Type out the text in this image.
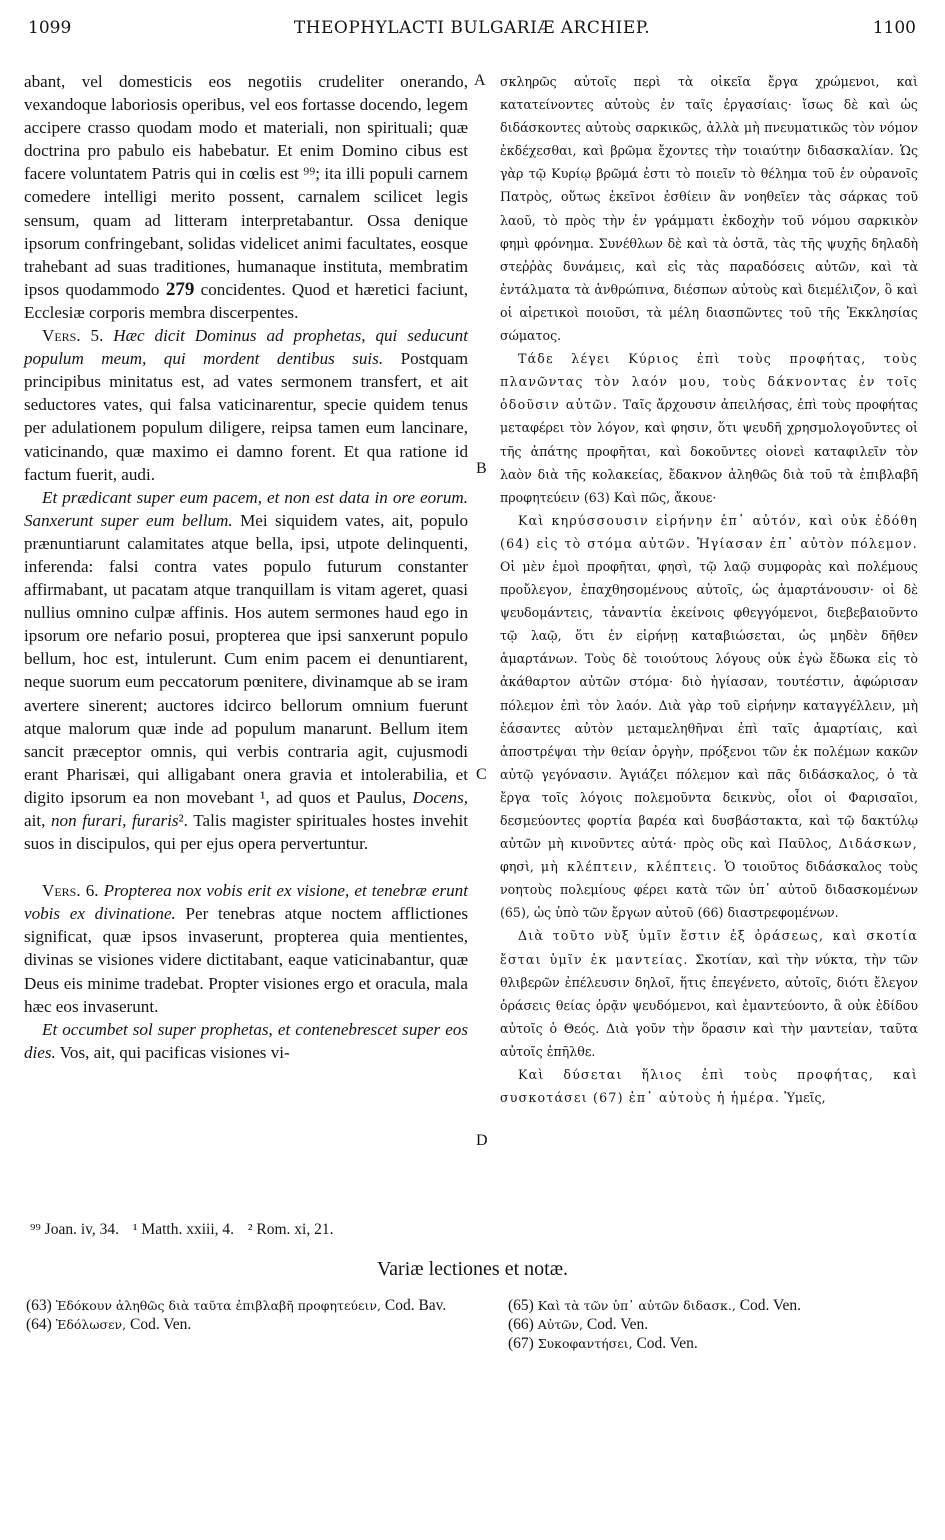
1099	THEOPHYLACTI BULGARIÆ ARCHIEP.	1100

abant, vel domesticis eos negotiis crudeliter onerando, vexandoque laboriosis operibus, vel eos fortasse docendo, legem accipere crasso quodam modo et materiali, non spirituali; quæ doctrina pro pabulo eis habebatur. Et enim Domino cibus est facere voluntatem Patris qui in cœlis est ⁹⁹; ita illi populi carnem comedere intelligi merito possent, carnalem scilicet legis sensum, quam ad litteram interpretabantur. Ossa denique ipsorum confringebant, solidas videlicet animi facultates, eosque trahebant ad suas traditiones, humanaque instituta, membratim ipsos quodammodo 279 concidentes. Quod et hæretici faciunt, Ecclesiæ corporis membra discerpentes.

Vers. 5. Hæc dicit Dominus ad prophetas, qui seducunt populum meum, qui mordent dentibus suis. Postquam principibus minitatus est, ad vates sermonem transfert, et ait seductores vates, qui falsa vaticinarentur, specie quidem tenus per adulationem populum diligere, reipsa tamen eum lancinare, vaticinando, quæ maximo ei damno forent. Et qua ratione id factum fuerit, audi.

Et prædicant super eum pacem, et non est data in ore eorum. Sanxerunt super eum bellum. Mei siquidem vates, ait, populo prænuntiarunt calamitates atque bella, ipsi, utpote delinquenti, inferenda: falsi contra vates populo futurum constanter affirmabant, ut pacatam atque tranquillam is vitam ageret, quasi nullius omnino culpæ affinis. Hos autem sermones haud ego in ipsorum ore nefario posui, propterea que ipsi sanxerunt populo bellum, hoc est, intulerunt. Cum enim pacem ei denuntiarent, neque suorum eum peccatorum pœnitere, divinamque ab se iram avertere sinerent; auctores idcirco bellorum omnium fuerunt atque malorum quæ inde ad populum manarunt. Bellum item sancit præceptor omnis, qui verbis contraria agit, cujusmodi erant Pharisæi, qui alligabant onera gravia et intolerabilia, et digito ipsorum ea non movebant ¹, ad quos et Paulus, Docens, ait, non furari, furaris². Talis magister spirituales hostes invehit suos in discipulos, qui per ejus opera pervertuntur.

Vers. 6. Propterea nox vobis erit ex visione, et tenebræ erunt vobis ex divinatione. Per tenebras atque noctem afflictiones significat, quæ ipsos invaserunt, propterea quia mentientes, divinas se visiones videre dictitabant, eaque vaticinabantur, quæ Deus eis minime tradebat. Propter visiones ergo et oracula, mala hæc eos invaserunt.

Et occumbet sol super prophetas, et contenebrescet super eos dies. Vos, ait, qui pacificas visiones vi-

A
B
C
D

σκληρῶς αὐτοῖς περὶ τὰ οἰκεῖα ἔργα χρώμενοι, καὶ κατατείνοντες αὐτοὺς ἐν ταῖς ἐργασίαις· ἴσως δὲ καὶ ὡς διδάσκοντες αὐτοὺς σαρκικῶς, ἀλλὰ μὴ πνευματικῶς τὸν νόμον ἐκδέχεσθαι, καὶ βρῶμα ἔχοντες τὴν τοιαύτην διδασκαλίαν. Ὡς γὰρ τῷ Κυρίῳ βρῶμά ἐστι τὸ ποιεῖν τὸ θέλημα τοῦ ἐν οὐρανοῖς Πατρὸς, οὕτως ἐκεῖνοι ἐσθίειν ἂν νοηθεῖεν τὰς σάρκας τοῦ λαοῦ, τὸ πρὸς τὴν ἐν γράμματι ἐκδοχὴν τοῦ νόμου σαρκικὸν φημὶ φρόνημα. Συνέθλων δὲ καὶ τὰ ὀστᾶ, τὰς τῆς ψυχῆς δηλαδὴ στεῤῥὰς δυνάμεις, καὶ εἰς τὰς παραδόσεις αὐτῶν, καὶ τὰ ἐντάλματα τὰ ἀνθρώπινα, διέσπων αὐτοὺς καὶ διεμέλιζον, ὃ καὶ οἱ αἱρετικοὶ ποιοῦσι, τὰ μέλη διασπῶντες τοῦ τῆς Ἐκκλησίας σώματος.

Τάδε λέγει Κύριος ἐπὶ τοὺς προφήτας, τοὺς πλανῶντας τὸν λαόν μου, τοὺς δάκνοντας ἐν τοῖς ὀδοῦσιν αὐτῶν. Ταῖς ἄρχουσιν ἀπειλήσας, ἐπὶ τοὺς προφήτας μεταφέρει τὸν λόγον, καὶ φησιν, ὅτι ψευδῆ χρησμολογοῦντες οἱ τῆς ἀπάτης προφῆται, καὶ δοκοῦντες οἱονεὶ καταφιλεῖν τὸν λαὸν διὰ τῆς κολακείας, ἔδακνον ἀληθῶς διὰ τοῦ τὰ ἐπιβλαβῆ προφητεύειν (63) Καὶ πῶς, ἄκουε·

Καὶ κηρύσσουσιν εἰρήνην ἐπ᾽ αὐτόν, καὶ οὐκ ἐδόθη (64) εἰς τὸ στόμα αὐτῶν. Ἡγίασαν ἐπ᾽ αὐτὸν πόλεμον. Οἱ μὲν ἐμοὶ προφῆται, φησὶ, τῷ λαῷ συμφορὰς καὶ πολέμους προὔλεγον, ἐπαχθησομένους αὐτοῖς, ὡς ἁμαρτάνουσιν· οἱ δὲ ψευδομάντεις, τἀναντία ἐκείνοις φθεγγόμενοι, διεβεβαιοῦντο τῷ λαῷ, ὅτι ἐν εἰρήνῃ καταβιώσεται, ὡς μηδὲν δῆθεν ἁμαρτάνων. Τοὺς δὲ τοιούτους λόγους οὐκ ἐγὼ ἔδωκα εἰς τὸ ἀκάθαρτον αὐτῶν στόμα· διὸ ἡγίασαν, τουτέστιν, ἀφώρισαν πόλεμον ἐπὶ τὸν λαόν. Διὰ γὰρ τοῦ εἰρήνην καταγγέλλειν, μὴ ἐάσαντες αὐτὸν μεταμεληθῆναι ἐπὶ ταῖς ἁμαρτίαις, καὶ ἀποστρέψαι τὴν θείαν ὀργὴν, πρόξενοι τῶν ἐκ πολέμων κακῶν αὐτῷ γεγόνασιν. Ἁγιάζει πόλεμον καὶ πᾶς διδάσκαλος, ὁ τὰ ἔργα τοῖς λόγοις πολεμοῦντα δεικνὺς, οἷοι οἱ Φαρισαῖοι, δεσμεύοντες φορτία βαρέα καὶ δυσβάστακτα, καὶ τῷ δακτύλῳ αὐτῶν μὴ κινοῦντες αὐτά· πρὸς οὓς καὶ Παῦλος, Διδάσκων, φησὶ, μὴ κλέπτειν, κλέπτεις. Ὁ τοιοῦτος διδάσκαλος τοὺς νοητοὺς πολεμίους φέρει κατὰ τῶν ὑπ᾽ αὐτοῦ διδασκομένων (65), ὡς ὑπὸ τῶν ἔργων αὐτοῦ (66) διαστρεφομένων.

Διὰ τοῦτο νὺξ ὑμῖν ἔστιν ἐξ ὁράσεως, καὶ σκοτία ἔσται ὑμῖν ἐκ μαντείας. Σκοτίαν, καὶ τὴν νύκτα, τὴν τῶν θλιβερῶν ἐπέλευσιν δηλοῖ, ἥτις ἐπεγένετο, αὐτοῖς, διότι ἔλεγον ὁράσεις θείας ὁρᾷν ψευδόμενοι, καὶ ἐμαντεύοντο, ἃ οὐκ ἐδίδου αὐτοῖς ὁ Θεός. Διὰ γοῦν τὴν ὅρασιν καὶ τὴν μαντείαν, ταῦτα αὐτοῖς ἐπῆλθε.

Καὶ δύσεται ἥλιος ἐπὶ τοὺς προφήτας, καὶ συσκοτάσει (67) ἐπ᾽ αὐτοὺς ἡ ἡμέρα. Ὑμεῖς,

⁹⁹ Joan. iv, 34. ¹ Matth. xxiii, 4. ² Rom. xi, 21.
Variæ lectiones et notæ.

(63) Ἐδόκουν ἀληθῶς διὰ ταῦτα ἐπιβλαβῆ προφητεύειν, Cod. Bav.

(64) Ἐδόλωσεν, Cod. Ven.

(65) Καὶ τὰ τῶν ὑπ᾽ αὐτῶν διδασκ., Cod. Ven.

(66) Αὐτῶν, Cod. Ven.

(67) Συκοφαντήσει, Cod. Ven.
